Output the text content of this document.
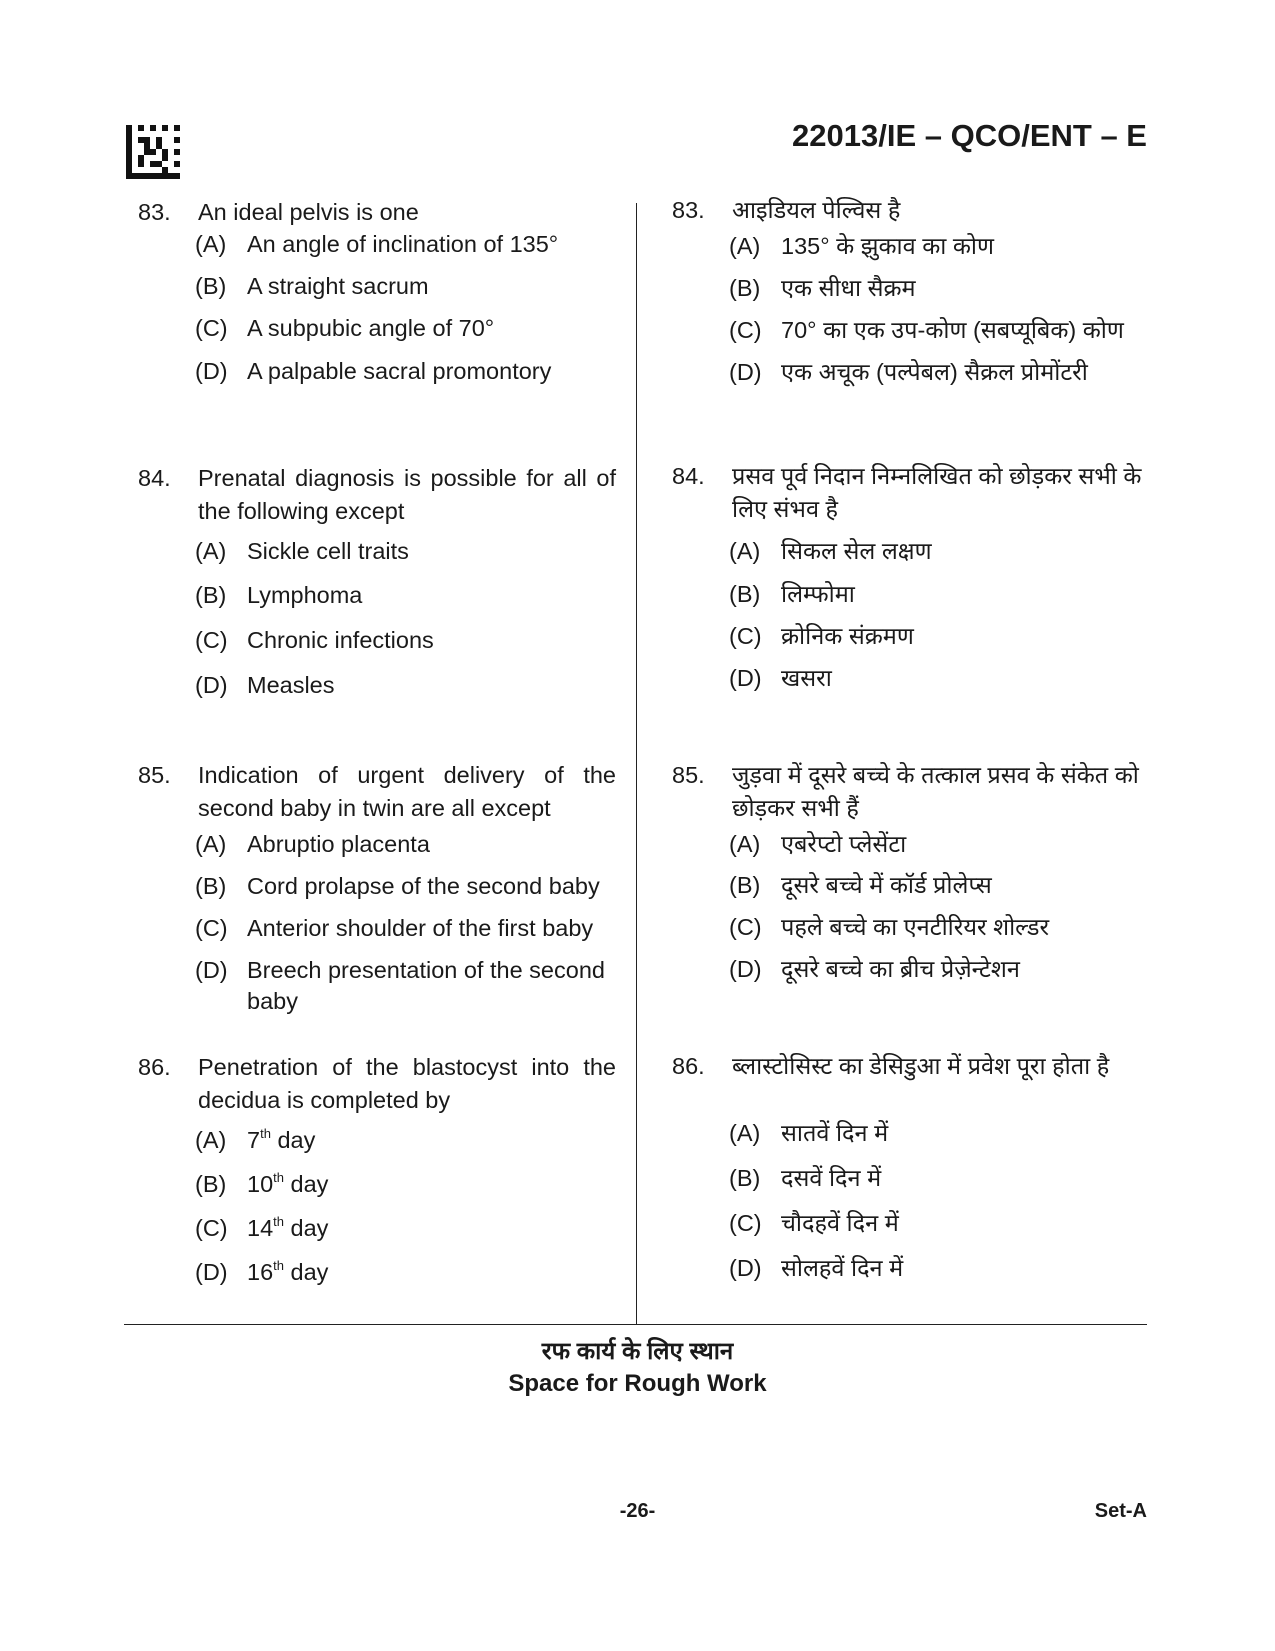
22013/IE – QCO/ENT – E
83.	An ideal pelvis is one
(A) An angle of inclination of 135°
(B) A straight sacrum
(C) A subpubic angle of 70°
(D) A palpable sacral promontory
84.	Prenatal diagnosis is possible for all of the following except
(A) Sickle cell traits
(B) Lymphoma
(C) Chronic infections
(D) Measles
85.	Indication of urgent delivery of the second baby in twin are all except
(A) Abruptio placenta
(B) Cord prolapse of the second baby
(C) Anterior shoulder of the first baby
(D) Breech presentation of the second baby
86.	Penetration of the blastocyst into the decidua is completed by
(A) 7th day
(B) 10th day
(C) 14th day
(D) 16th day
83.	आइडियल पेल्विस है
(A) 135° के झुकाव का कोण
(B) एक सीधा सैक्रम
(C) 70° का एक उप-कोण (सबप्यूबिक) कोण
(D) एक अचूक (पल्पेबल) सैक्रल प्रोमोंटरी
84.	प्रसव पूर्व निदान निम्नलिखित को छोड़कर सभी के लिए संभव है
(A) सिकल सेल लक्षण
(B) लिम्फोमा
(C) क्रोनिक संक्रमण
(D) खसरा
85.	जुड़वा में दूसरे बच्चे के तत्काल प्रसव के संकेत को छोड़कर सभी हैं
(A) एबरेप्टो प्लेसेंटा
(B) दूसरे बच्चे में कॉर्ड प्रोलेप्स
(C) पहले बच्चे का एनटीरियर शोल्डर
(D) दूसरे बच्चे का ब्रीच प्रेज़ेन्टेशन
86.	ब्लास्टोसिस्ट का डेसिडुआ में प्रवेश पूरा होता है
(A) सातवें दिन में
(B) दसवें दिन में
(C) चौदहवें दिन में
(D) सोलहवें दिन में
रफ कार्य के लिए स्थान
Space for Rough Work
-26-	Set-A
